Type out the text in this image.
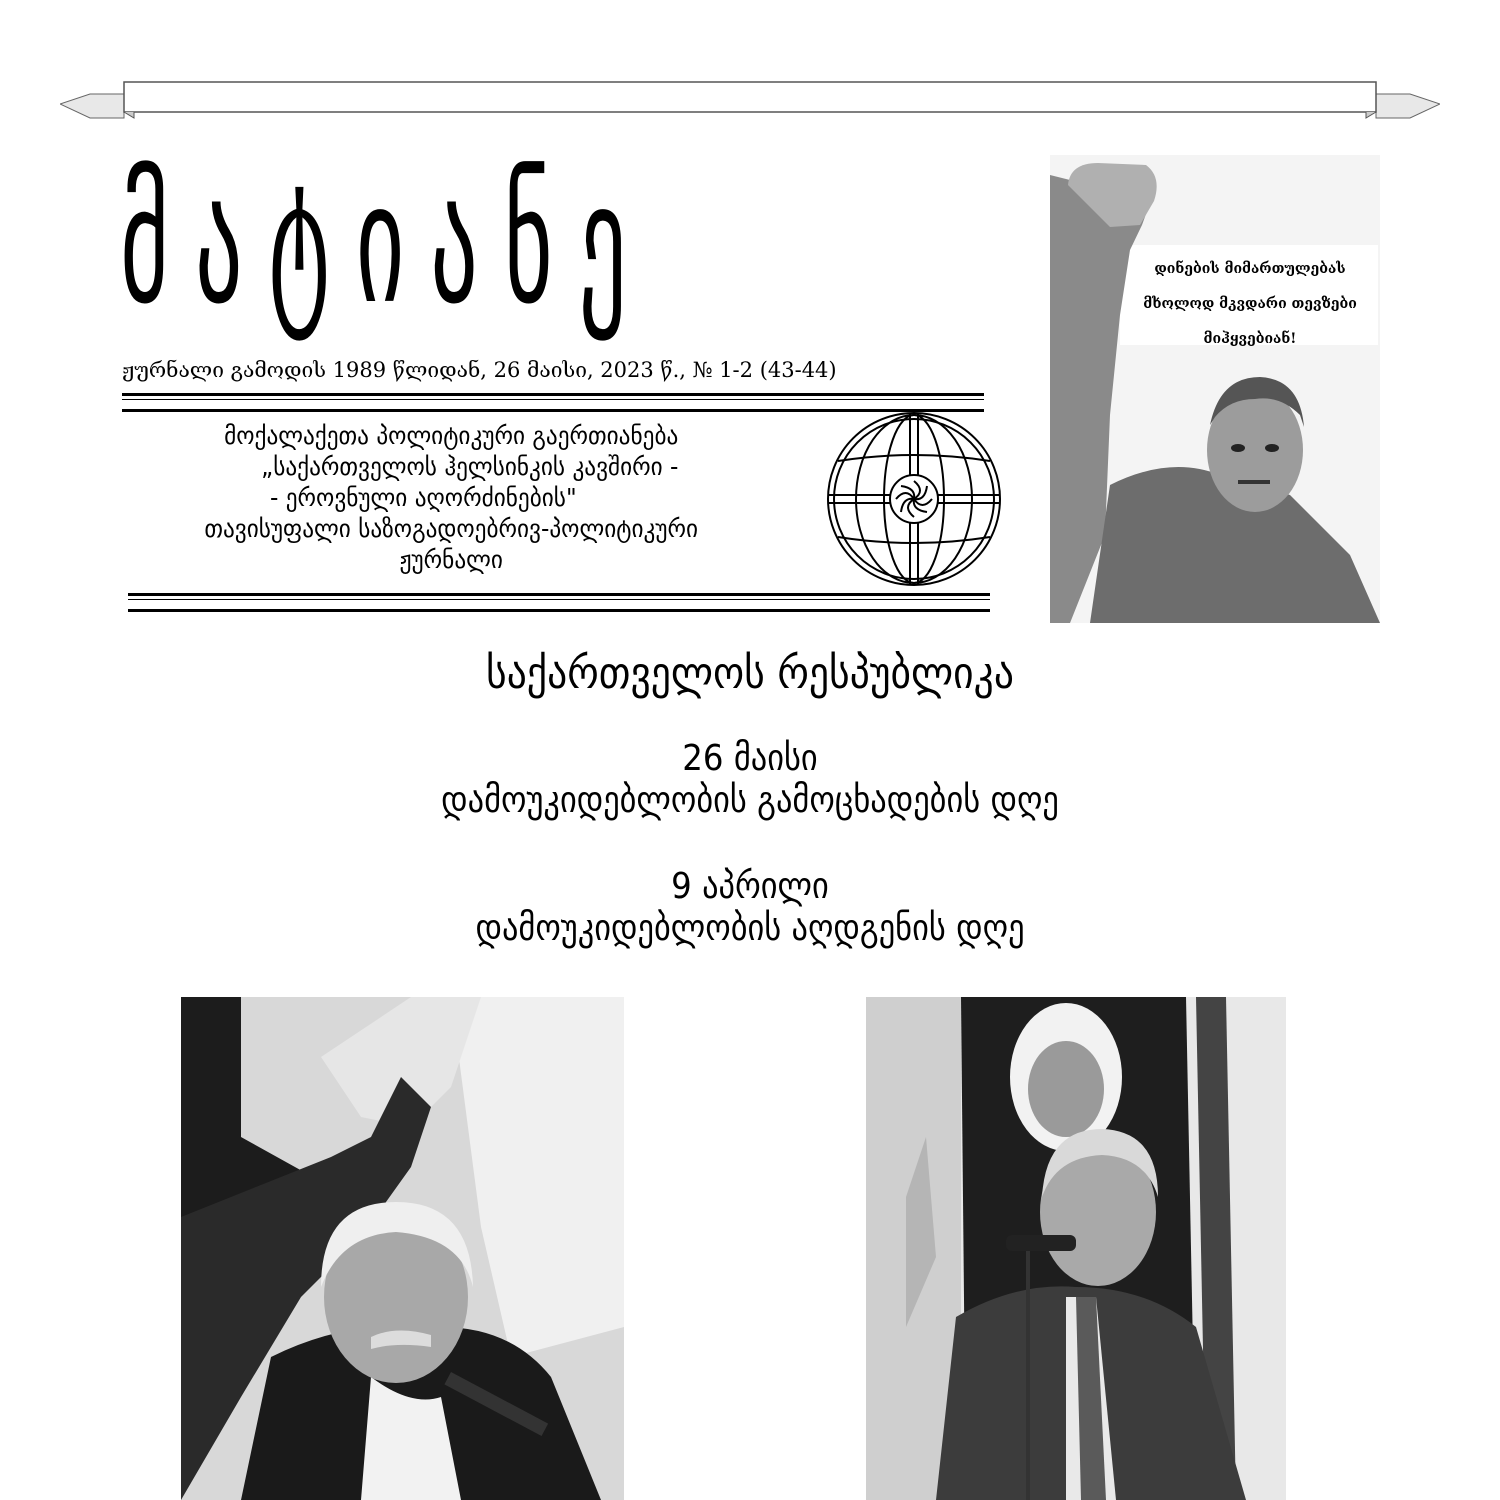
მატიანე
ჟურნალი გამოდის 1989 წლიდან, 26 მაისი, 2023 წ., № 1-2 (43-44)
მოქალაქეთა პოლიტიკური გაერთიანება
„საქართველოს ჰელსინკის კავშირი -
- ეროვნული აღორძინების"
თავისუფალი საზოგადოებრივ-პოლიტიკური
ჟურნალი
დინების მიმართულებას
მხოლოდ მკვდარი თევზები
მიჰყვებიან!
საქართველოს რესპუბლიკა
26 მაისი
დამოუკიდებლობის გამოცხადების დღე
9 აპრილი
დამოუკიდებლობის აღდგენის დღე
